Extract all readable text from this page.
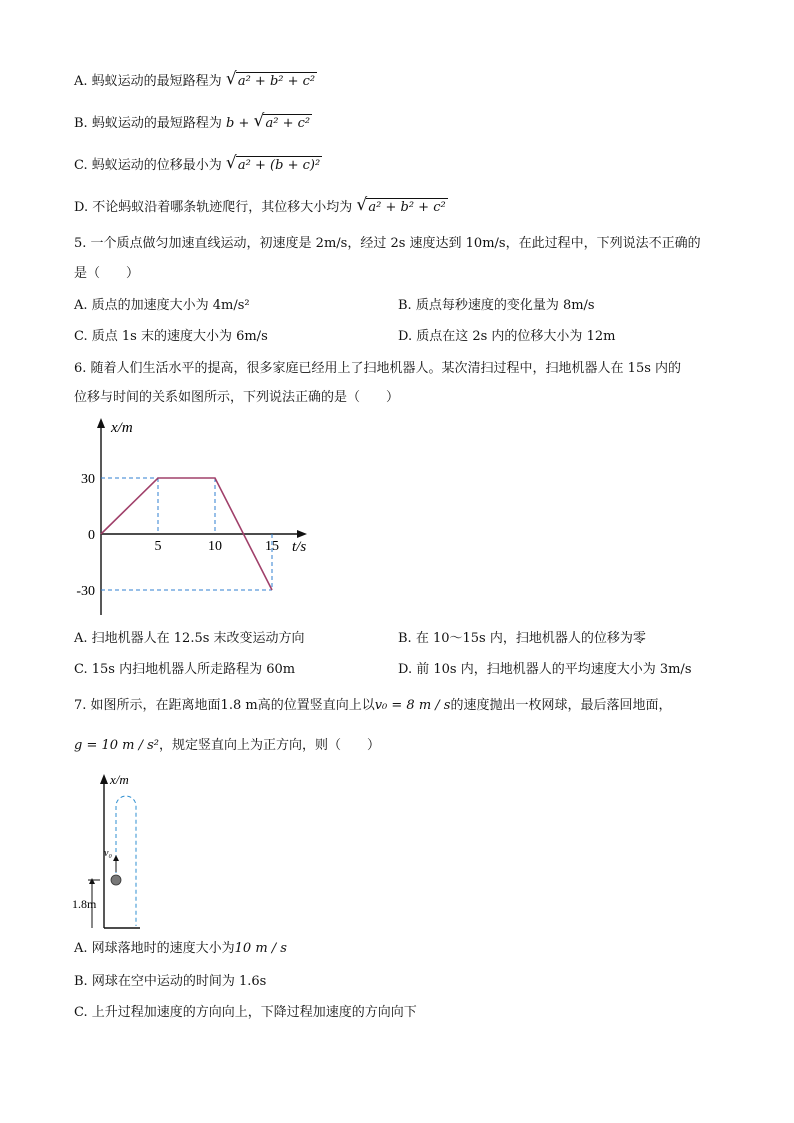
A. 蚂蚁运动的最短路程为 √ a² + b² + c²
B. 蚂蚁运动的最短路程为 b + √ a² + c²
C. 蚂蚁运动的位移最小为 √ a² + (b + c)²
D. 不论蚂蚁沿着哪条轨迹爬行，其位移大小均为 √ a² + b² + c²
5. 一个质点做匀加速直线运动，初速度是 2m/s，经过 2s 速度达到 10m/s，在此过程中，下列说法不正确的
是（　　）
A. 质点的加速度大小为 4m/s²	B. 质点每秒速度的变化量为 8m/s
C. 质点 1s 末的速度大小为 6m/s	D. 质点在这 2s 内的位移大小为 12m
6. 随着人们生活水平的提高，很多家庭已经用上了扫地机器人。某次清扫过程中，扫地机器人在 15s 内的
位移与时间的关系如图所示，下列说法正确的是（　　）
5	10	15
30
0
-30
x/m
t/s
A. 扫地机器人在 12.5s 末改变运动方向	B. 在 10～15s 内，扫地机器人的位移为零
C. 15s 内扫地机器人所走路程为 60m	D. 前 10s 内，扫地机器人的平均速度大小为 3m/s
7. 如图所示，在距离地面1.8 m高的位置竖直向上以v₀ = 8 m / s的速度抛出一枚网球，最后落回地面，
g = 10 m / s²，规定竖直向上为正方向，则（　　）
x/m
v₀
1.8m
A. 网球落地时的速度大小为10 m / s
B. 网球在空中运动的时间为 1.6s
C. 上升过程加速度的方向向上，下降过程加速度的方向向下
